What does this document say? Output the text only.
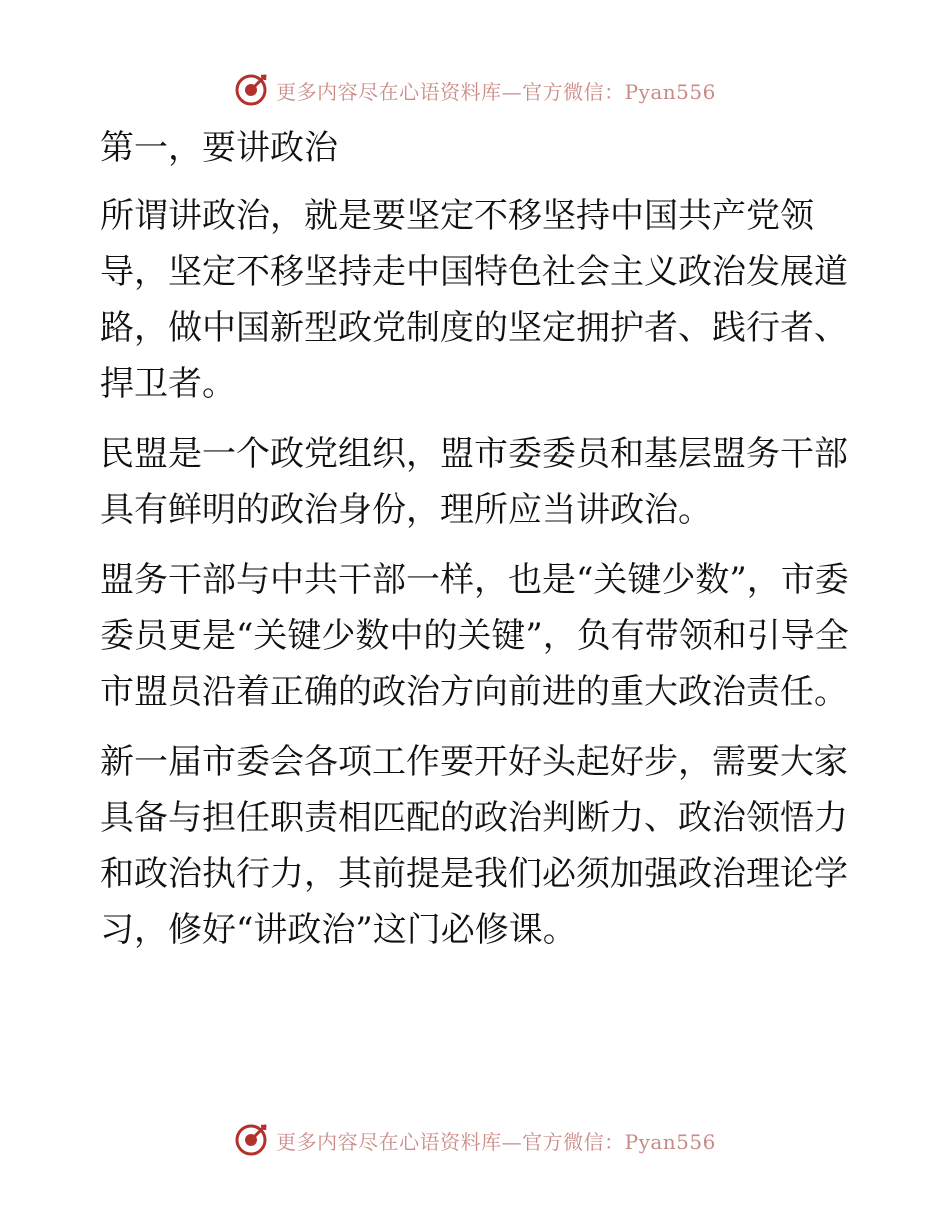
更多内容尽在心语资料库—官方微信：Pyan556

第一，要讲政治

所谓讲政治，就是要坚定不移坚持中国共产党领导，坚定不移坚持走中国特色社会主义政治发展道路，做中国新型政党制度的坚定拥护者、践行者、捍卫者。

民盟是一个政党组织，盟市委委员和基层盟务干部具有鲜明的政治身份，理所应当讲政治。

盟务干部与中共干部一样，也是“关键少数”，市委委员更是“关键少数中的关键”，负有带领和引导全市盟员沿着正确的政治方向前进的重大政治责任。

新一届市委会各项工作要开好头起好步，需要大家具备与担任职责相匹配的政治判断力、政治领悟力和政治执行力，其前提是我们必须加强政治理论学习，修好“讲政治”这门必修课。

更多内容尽在心语资料库—官方微信：Pyan556
